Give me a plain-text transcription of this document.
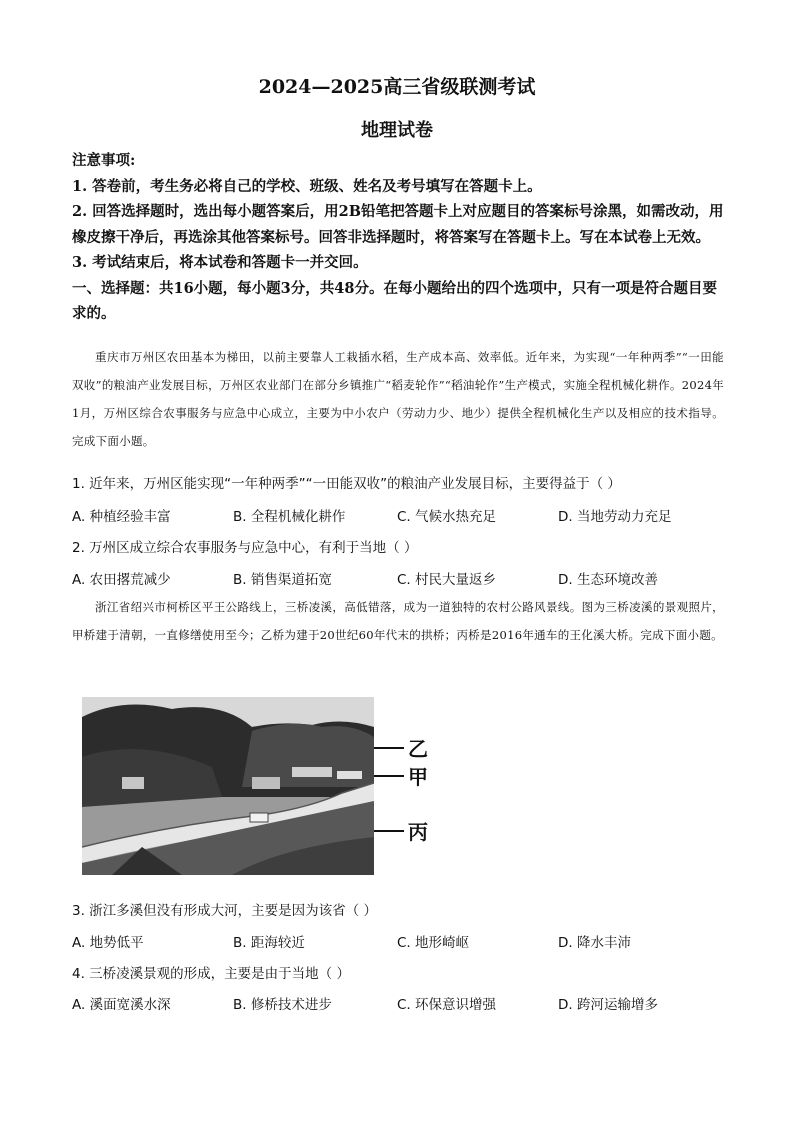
2024—2025高三省级联测考试
地理试卷

注意事项:

1. 答卷前，考生务必将自己的学校、班级、姓名及考号填写在答题卡上。

2. 回答选择题时，选出每小题答案后，用2B铅笔把答题卡上对应题目的答案标号涂黑，如需改动，用橡皮擦干净后，再选涂其他答案标号。回答非选择题时，将答案写在答题卡上。写在本试卷上无效。

3. 考试结束后，将本试卷和答题卡一并交回。

一、选择题：共16小题，每小题3分，共48分。在每小题给出的四个选项中，只有一项是符合题目要求的。

重庆市万州区农田基本为梯田，以前主要靠人工栽插水稻，生产成本高、效率低。近年来，为实现“一年种两季”“一田能双收”的粮油产业发展目标，万州区农业部门在部分乡镇推广“稻麦轮作”“稻油轮作”生产模式，实施全程机械化耕作。2024年1月，万州区综合农事服务与应急中心成立，主要为中小农户（劳动力少、地少）提供全程机械化生产以及相应的技术指导。完成下面小题。
1. 近年来，万州区能实现“一年种两季”“一田能双收”的粮油产业发展目标，主要得益于（ ）
A. 种植经验丰富	B. 全程机械化耕作	C. 气候水热充足	D. 当地劳动力充足
2. 万州区成立综合农事服务与应急中心，有利于当地（ ）
A. 农田撂荒减少	B. 销售渠道拓宽	C. 村民大量返乡	D. 生态环境改善
浙江省绍兴市柯桥区平王公路线上，三桥凌溪，高低错落，成为一道独特的农村公路风景线。图为三桥凌溪的景观照片，甲桥建于清朝，一直修缮使用至今；乙桥为建于20世纪60年代末的拱桥；丙桥是2016年通车的王化溪大桥。完成下面小题。
乙
甲
丙
3. 浙江多溪但没有形成大河，主要是因为该省（ ）
A. 地势低平	B. 距海较近	C. 地形崎岖	D. 降水丰沛
4. 三桥凌溪景观的形成，主要是由于当地（ ）
A. 溪面宽溪水深	B. 修桥技术进步	C. 环保意识增强	D. 跨河运输增多
